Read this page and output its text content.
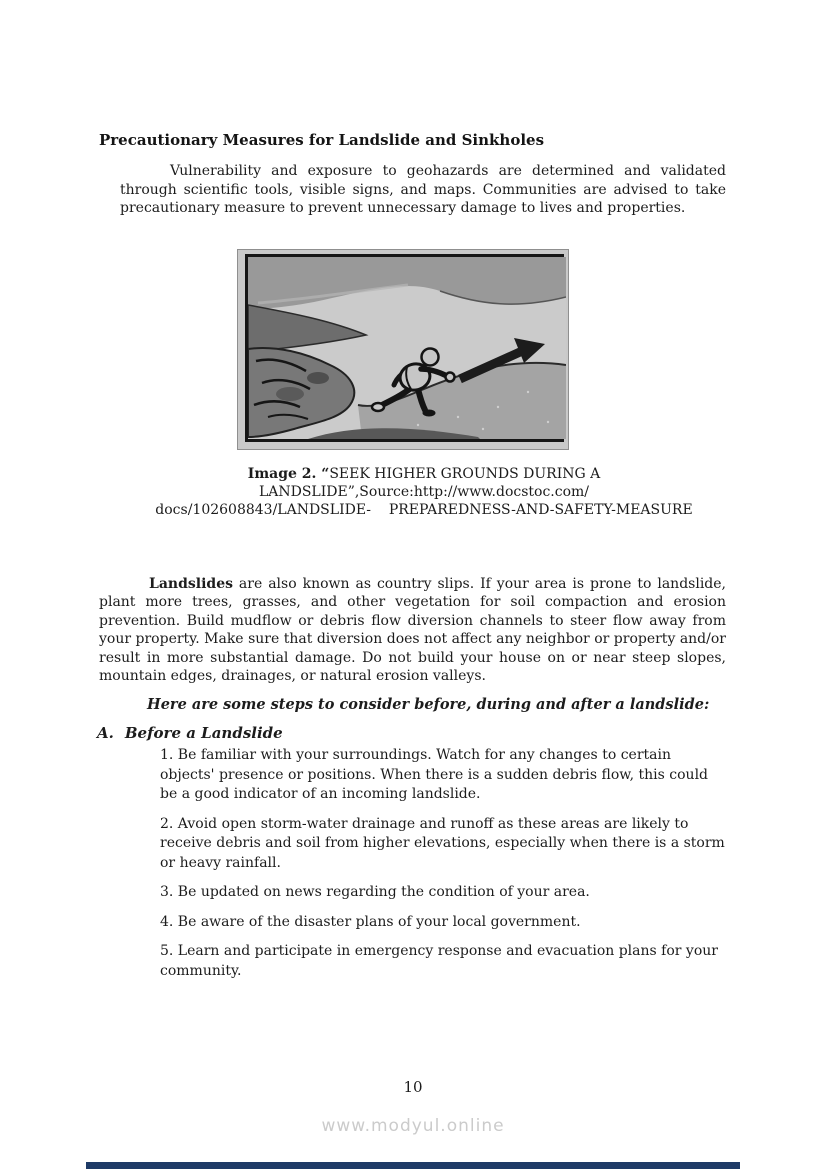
Precautionary Measures for Landslide and Sinkholes

Vulnerability and exposure to geohazards are determined and validated through scientific tools, visible signs, and maps. Communities are advised to take precautionary measure to prevent unnecessary damage to lives and properties.

Image 2. “SEEK HIGHER GROUNDS DURING A
LANDSLIDE”,Source:http://www.docstoc.com/
docs/102608843/LANDSLIDE-    PREPAREDNESS-AND-SAFETY-MEASURE

Landslides are also known as country slips. If your area is prone to landslide, plant more trees, grasses, and other vegetation for soil compaction and erosion prevention. Build mudflow or debris flow diversion channels to steer flow away from your property. Make sure that diversion does not affect any neighbor or property and/or result in more substantial damage. Do not build your house on or near steep slopes, mountain edges, drainages, or natural erosion valleys.

Here are some steps to consider before, during and after a landslide:

A. Before a Landslide

1. Be familiar with your surroundings. Watch for any changes to certain objects' presence or positions. When there is a sudden debris flow, this could be a good indicator of an incoming landslide.

2. Avoid open storm-water drainage and runoff as these areas are likely to receive debris and soil from higher elevations, especially when there is a storm or heavy rainfall.

3. Be updated on news regarding the condition of your area.

4. Be aware of the disaster plans of your local government.

5. Learn and participate in emergency response and evacuation plans for your community.

10
www.modyul.online
